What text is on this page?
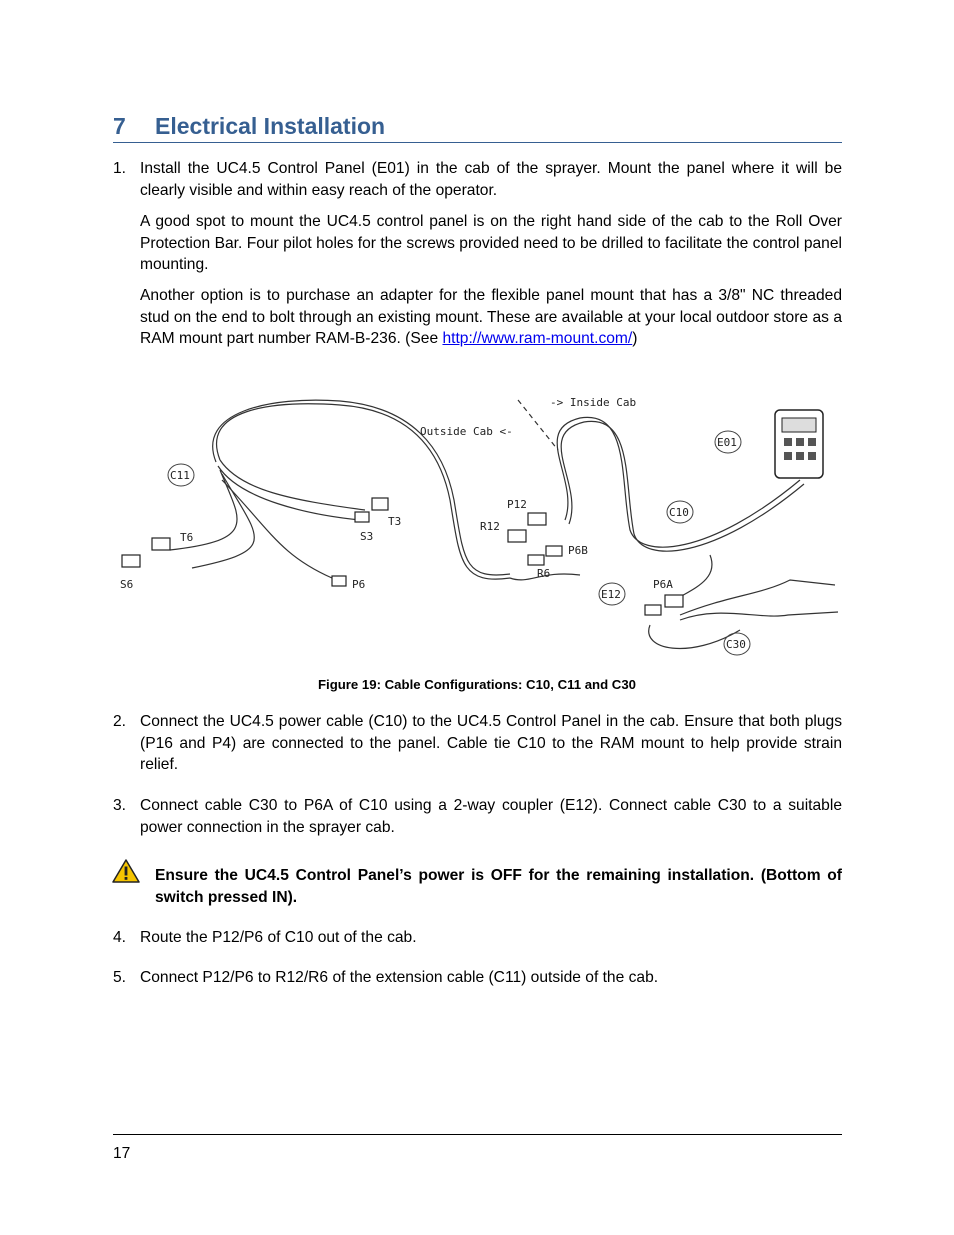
7 Electrical Installation
1. Install the UC4.5 Control Panel (E01) in the cab of the sprayer. Mount the panel where it will be clearly visible and within easy reach of the operator.
A good spot to mount the UC4.5 control panel is on the right hand side of the cab to the Roll Over Protection Bar. Four pilot holes for the screws provided need to be drilled to facilitate the control panel mounting.
Another option is to purchase an adapter for the flexible panel mount that has a 3/8" NC threaded stud on the end to bolt through an existing mount. These are available at your local outdoor store as a RAM mount part number RAM-B-236. (See http://www.ram-mount.com/)
-> Inside Cab
Outside Cab <-
E01
C11
C10
C30
E12
P12
R12
P6B
R6
P6A
T3
S3
T6
S6	P6
Figure 19: Cable Configurations: C10, C11 and C30
2. Connect the UC4.5 power cable (C10) to the UC4.5 Control Panel in the cab. Ensure that both plugs (P16 and P4) are connected to the panel. Cable tie C10 to the RAM mount to help provide strain relief.
3. Connect cable C30 to P6A of C10 using a 2-way coupler (E12). Connect cable C30 to a suitable power connection in the sprayer cab.
Ensure the UC4.5 Control Panel’s power is OFF for the remaining installation. (Bottom of switch pressed IN).
4. Route the P12/P6 of C10 out of the cab.
5. Connect P12/P6 to R12/R6 of the extension cable (C11) outside of the cab.
17
